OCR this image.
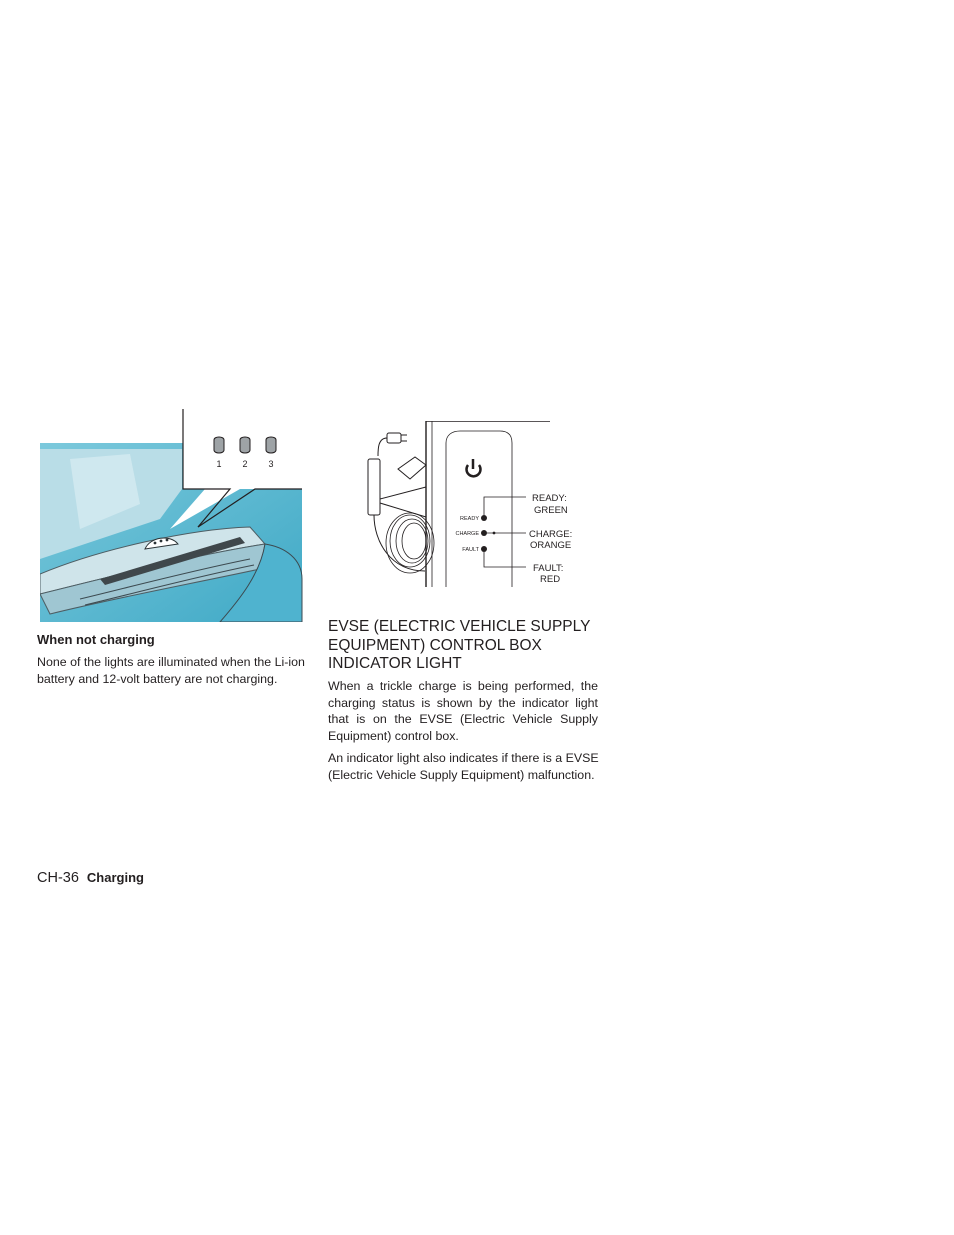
1 2 3
READY
CHARGE
FAULT
READY:
GREEN
CHARGE:
ORANGE
FAULT:
RED
When not charging

None of the lights are illuminated when the Li-ion battery and 12-volt battery are not charging.

EVSE (ELECTRIC VEHICLE SUPPLY EQUIPMENT) CONTROL BOX INDICATOR LIGHT

When a trickle charge is being performed, the charging status is shown by the indicator light that is on the EVSE (Electric Vehicle Supply Equipment) control box.

An indicator light also indicates if there is a EVSE (Electric Vehicle Supply Equipment) malfunction.

CH-36 Charging
